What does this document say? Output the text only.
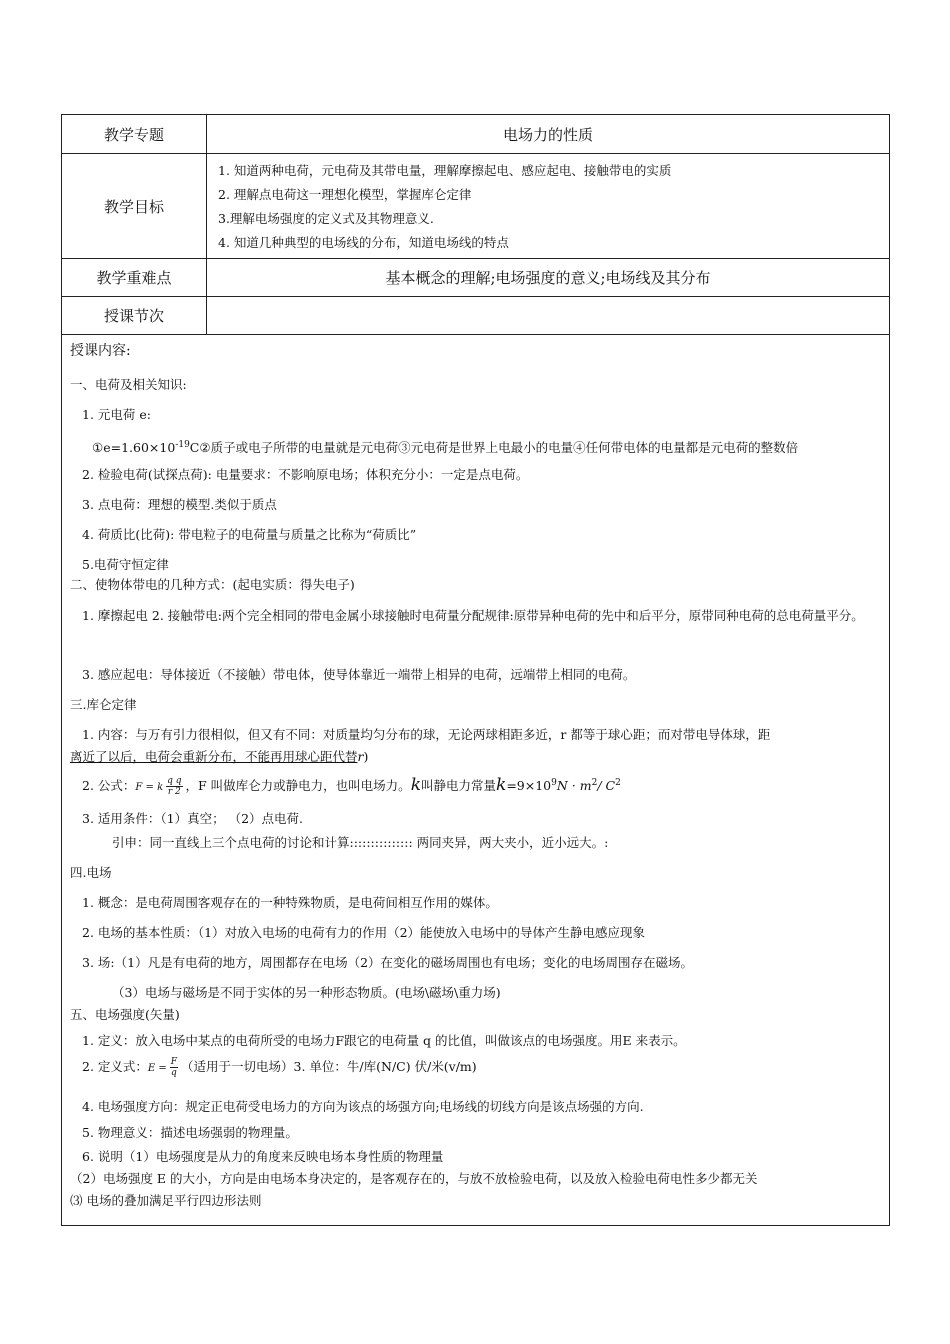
教学专题	电场力的性质
教学目标	1. 知道两种电荷，元电荷及其带电量，理解摩擦起电、感应起电、接触带电的实质
2. 理解点电荷这一理想化模型，掌握库仑定律
3.理解电场强度的定义式及其物理意义.
4. 知道几种典型的电场线的分布，知道电场线的特点

教学重难点	基本概念的理解;电场强度的意义;电场线及其分布
授课节次	
授课内容:
一、电荷及相关知识:
1. 元电荷 e:
$①e=1.60\times 10^{-19}C②$质子或电子所带的电量就是元电荷③元电荷是世界上电最小的电量④任何带电体的电量都是元电荷的整数倍
2. 检验电荷(试探点荷): 电量要求：不影响原电场；体积充分小：一定是点电荷。
3. 点电荷：理想的模型.类似于质点
4. 荷质比(比荷): 带电粒子的电荷量与质量之比称为“荷质比”
5.电荷守恒定律
二、使物体带电的几种方式：(起电实质：得失电子)
1. 摩擦起电 2. 接触带电:两个完全相同的带电金属小球接触时电荷量分配规律:原带异种电荷的先中和后平分，原带同种电荷的总电荷量平分。
3. 感应起电：导体接近（不接触）带电体，使导体靠近一端带上相异的电荷，远端带上相同的电荷。
三.库仑定律
1. 内容：与万有引力很相似，但又有不同：对质量均匀分布的球，无论两球相距多近，r 都等于球心距；而对带电导体球，距
离近了以后，电荷会重新分布，不能再用球心距代替r)
2. 公式：F = k $\frac{\text{q q}}{r 2}$ ，F 叫做库仑力或静电力，也叫电场力。k叫静电力常量$k=9\times 10^9N \cdot m^2/$ $C^2$
3. 适用条件：（1）真空； （2）点电荷.
引申：同一直线上三个点电荷的讨论和计算::::::::::::::: 两同夹异，两大夹小，近小远大。:
四.电场
1. 概念：是电荷周围客观存在的一种特殊物质，是电荷间相互作用的媒体。
2. 电场的基本性质：（1）对放入电场的电荷有力的作用（2）能使放入电场中的导体产生静电感应现象
3. 场:（1）凡是有电荷的地方，周围都存在电场（2）在变化的磁场周围也有电场；变化的电场周围存在磁场。
（3）电场与磁场是不同于实体的另一种形态物质。(电场\磁场\重力场)
五、电场强度(矢量)
1. 定义：放入电场中某点的电荷所受的电场力F跟它的电荷量 q 的比值，叫做该点的电场强度。用E 来表示。
2. 定义式：$E = \frac{F}{q}$ （适用于一切电场）3. 单位：牛/库(N/C) 伏/米(v/m)
4. 电场强度方向：规定正电荷受电场力的方向为该点的场强方向;电场线的切线方向是该点场强的方向.
5. 物理意义：描述电场强弱的物理量。
6. 说明（1）电场强度是从力的角度来反映电场本身性质的物理量
（2）电场强度 E 的大小，方向是由电场本身决定的，是客观存在的，与放不放检验电荷，以及放入检验电荷电性多少都无关
⑶ 电场的叠加满足平行四边形法则
